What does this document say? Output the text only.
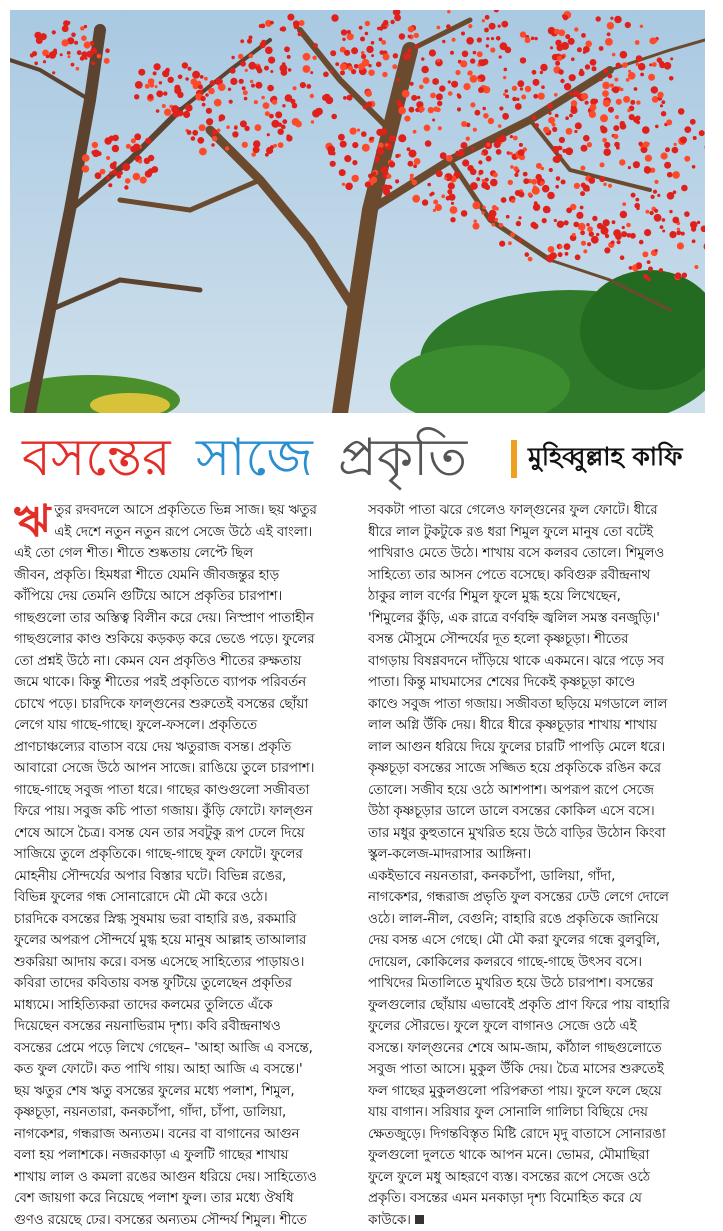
বসন্তের সাজে প্রকৃতি মুহিব্বুল্লাহ কাফি
ঋ তুর রদবদলে আসে প্রকৃতিতে ভিন্ন সাজ। ছয় ঋতুর
এই দেশে নতুন নতুন রূপে সেজে উঠে এই বাংলা।
এই তো গেল শীত। শীতে শুষ্কতায় লেপ্টে ছিল
জীবন, প্রকৃতি। হিমধরা শীতে যেমনি জীবজন্তুর হাড়
কাঁপিয়ে দেয় তেমনি গুটিয়ে আসে প্রকৃতির চারপাশ।
গাছগুলো তার অস্তিত্ব বিলীন করে দেয়। নিস্প্রাণ পাতাহীন
গাছগুলোর কাণ্ড শুকিয়ে কড়কড় করে ভেঙে পড়ে। ফুলের
তো প্রশ্নই উঠে না। কেমন যেন প্রকৃতিও শীতের রুক্ষতায়
জমে থাকে। কিন্তু শীতের পরই প্রকৃতিতে ব্যাপক পরিবর্তন
চোখে পড়ে। চারদিকে ফাল্গুনের শুরুতেই বসন্তের ছোঁয়া
লেগে যায় গাছে-গাছে। ফুলে-ফসলে। প্রকৃতিতে
প্রাণচাঞ্চল্যের বাতাস বয়ে দেয় ঋতুরাজ বসন্ত। প্রকৃতি
আবারো সেজে উঠে আপন সাজে। রাঙিয়ে তুলে চারপাশ।
গাছে-গাছে সবুজ পাতা ধরে। গাছের কাণ্ডগুলো সজীবতা
ফিরে পায়। সবুজ কচি পাতা গজায়। কুঁড়ি ফোটে। ফাল্গুন
শেষে আসে চৈত্র। বসন্ত যেন তার সবটুকু রূপ ঢেলে দিয়ে
সাজিয়ে তুলে প্রকৃতিকে। গাছে-গাছে ফুল ফোটে। ফুলের
মোহনীয় সৌন্দর্যের অপার বিস্তার ঘটে। বিভিন্ন রঙের,
বিভিন্ন ফুলের গন্ধ সোনারোদে মৌ মৌ করে ওঠে।
চারদিকে বসন্তের স্নিগ্ধ সুষমায় ভরা বাহারি রঙ, রকমারি
ফুলের অপরূপ সৌন্দর্যে মুগ্ধ হয়ে মানুষ আল্লাহ তাআলার
শুকরিয়া আদায় করে। বসন্ত এসেছে সাহিত্যের পাড়ায়ও।
কবিরা তাদের কবিতায় বসন্ত ফুটিয়ে তুলেছেন প্রকৃতির
মাধ্যমে। সাহিত্যিকরা তাদের কলমের তুলিতে এঁকে
দিয়েছেন বসন্তের নয়নাভিরাম দৃশ্য। কবি রবীন্দ্রনাথও
বসন্তের প্রেমে পড়ে লিখে গেছেন– 'আহা আজি এ বসন্তে,
কত ফুল ফোটে। কত পাখি গায়। আহা আজি এ বসন্তে।'
ছয় ঋতুর শেষ ঋতু বসন্তের ফুলের মধ্যে পলাশ, শিমুল,
কৃষ্ণচূড়া, নয়নতারা, কনকচাঁপা, গাঁদা, চাঁপা, ডালিয়া,
নাগকেশর, গন্ধরাজ অন্যতম। বনের বা বাগানের আগুন
বলা হয় পলাশকে। নজরকাড়া এ ফুলটি গাছের শাখায়
শাখায় লাল ও কমলা রঙের আগুন ধরিয়ে দেয়। সাহিত্যেও
বেশ জায়গা করে নিয়েছে পলাশ ফুল। তার মধ্যে ঔষধি
গুণও রয়েছে ঢের। বসন্তের অন্যতম সৌন্দর্য শিমুল। শীতে
সবকটা পাতা ঝরে গেলেও ফাল্গুনের ফুল ফোটে। ধীরে
ধীরে লাল টুকটুকে রঙ ধরা শিমুল ফুলে মানুষ তো বটেই
পাখিরাও মেতে উঠে। শাখায় বসে কলরব তোলে। শিমুলও
সাহিত্যে তার আসন পেতে বসেছে। কবিগুরু রবীন্দ্রনাথ
ঠাকুর লাল বর্ণের শিমুল ফুলে মুগ্ধ হয়ে লিখেছেন,
'শিমুলের কুঁড়ি, এক রাত্রে বর্ণবহ্নি জ্বলিল সমস্ত বনজুড়ি।'
বসন্ত মৌসুমে সৌন্দর্যের দূত হলো কৃষ্ণচূড়া। শীতের
বাগড়ায় বিষণ্ণবদনে দাঁড়িয়ে থাকে একমনে। ঝরে পড়ে সব
পাতা। কিন্তু মাঘমাসের শেষের দিকেই কৃষ্ণচূড়া কাণ্ডে
কাণ্ডে সবুজ পাতা গজায়। সজীবতা ছড়িয়ে মগডালে লাল
লাল অগ্নি উঁকি দেয়। ধীরে ধীরে কৃষ্ণচূড়ার শাখায় শাখায়
লাল আগুন ধরিয়ে দিয়ে ফুলের চারটি পাপড়ি মেলে ধরে।
কৃষ্ণচূড়া বসন্তের সাজে সজ্জিত হয়ে প্রকৃতিকে রঙিন করে
তোলে। সজীব হয়ে ওঠে আশপাশ। অপরূপ রূপে সেজে
উঠা কৃষ্ণচূড়ার ডালে ডালে বসন্তের কোকিল এসে বসে।
তার মধুর কুহুতানে মুখরিত হয়ে উঠে বাড়ির উঠোন কিংবা
স্কুল-কলেজ-মাদরাসার আঙ্গিনা।
একইভাবে নয়নতারা, কনকচাঁপা, ডালিয়া, গাঁদা,
নাগকেশর, গন্ধরাজ প্রভৃতি ফুল বসন্তের ঢেউ লেগে দোলে
ওঠে। লাল-নীল, বেগুনি; বাহারি রঙে প্রকৃতিকে জানিয়ে
দেয় বসন্ত এসে গেছে। মৌ মৌ করা ফুলের গন্ধে বুলবুলি,
দোয়েল, কোকিলের কলরবে গাছে-গাছে উৎসব বসে।
পাখিদের মিতালিতে মুখরিত হয়ে উঠে চারপাশ। বসন্তের
ফুলগুলোর ছোঁয়ায় এভাবেই প্রকৃতি প্রাণ ফিরে পায় বাহারি
ফুলের সৌরভে। ফুলে ফুলে বাগানও সেজে ওঠে এই
বসন্তে। ফাল্গুনের শেষে আম-জাম, কাঁঠাল গাছগুলোতে
সবুজ পাতা আসে। মুকুল উঁকি দেয়। চৈত্র মাসের শুরুতেই
ফল গাছের মুকুলগুলো পরিপক্বতা পায়। ফুলে ফলে ছেয়ে
যায় বাগান। সরিষার ফুল সোনালি গালিচা বিছিয়ে দেয়
ক্ষেতজুড়ে। দিগন্তবিস্তৃত মিষ্টি রোদে মৃদু বাতাসে সোনারঙা
ফুলগুলো দুলতে থাকে আপন মনে। ভোমর, মৌমাছিরা
ফুলে ফুলে মধু আহরণে ব্যস্ত। বসন্তের রূপে সেজে ওঠে
প্রকৃতি। বসন্তের এমন মনকাড়া দৃশ্য বিমোহিত করে যে
কাউকে।
